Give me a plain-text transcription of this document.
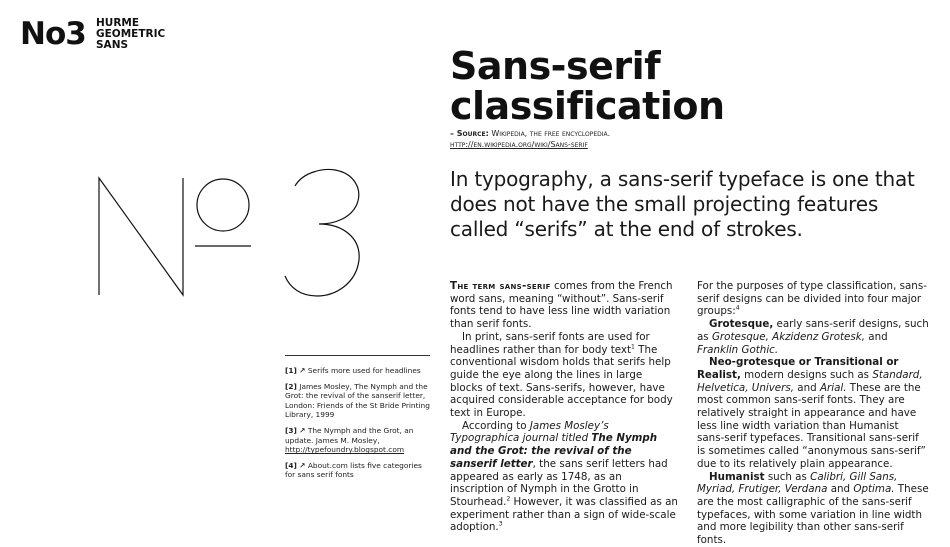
No3 HURME
GEOMETRIC
SANS	Sans-serif classification
– Source: Wikipedia, the free encyclopedia.
http://en.wikipedia.org/wiki/Sans-serif
In typography, a sans-serif typeface is one that does not have the small projecting features called “serifs” at the end of strokes.

The term sans-serif comes from the French word sans, meaning “without”. Sans-serif fonts tend to have less line width variation than serif fonts.

In print, sans-serif fonts are used for headlines rather than for body text$^1$ The conventional wisdom holds that serifs help guide the eye along the lines in large blocks of text. Sans-serifs, however, have acquired considerable acceptance for body text in Europe.

According to James Mosley’s Typographica journal titled The Nymph and the Grot: the revival of the sanserif letter, the sans serif letters had appeared as early as 1748, as an inscription of Nymph in the Grotto in Stourhead.$^2$ However, it was classified as an experiment rather than a sign of wide-scale adoption.$^3$

For the purposes of type classification, sans-serif designs can be divided into four major groups:$^4$

Grotesque, early sans-serif designs, such as Grotesque, Akzidenz Grotesk, and Franklin Gothic.

Neo-grotesque or Transitional or Realist, modern designs such as Standard, Helvetica, Univers, and Arial. These are the most common sans-serif fonts. They are relatively straight in appearance and have less line width variation than Humanist sans-serif typefaces. Transitional sans-serif is sometimes called “anonymous sans-serif” due to its relatively plain appearance.

Humanist such as Calibri, Gill Sans, Myriad, Frutiger, Verdana and Optima. These are the most calligraphic of the sans-serif typefaces, with some variation in line width and more legibility than other sans-serif fonts.

[1] ↗ Serifs more used for headlines
[2] James Mosley, The Nymph and the Grot: the revival of the sanserif letter, London: Friends of the St Bride Printing Library, 1999
[3] ↗ The Nymph and the Grot, an update. James M. Mosley, http://typefoundry.blogspot.com
[4] ↗ About.com lists five categories for sans serif fonts
